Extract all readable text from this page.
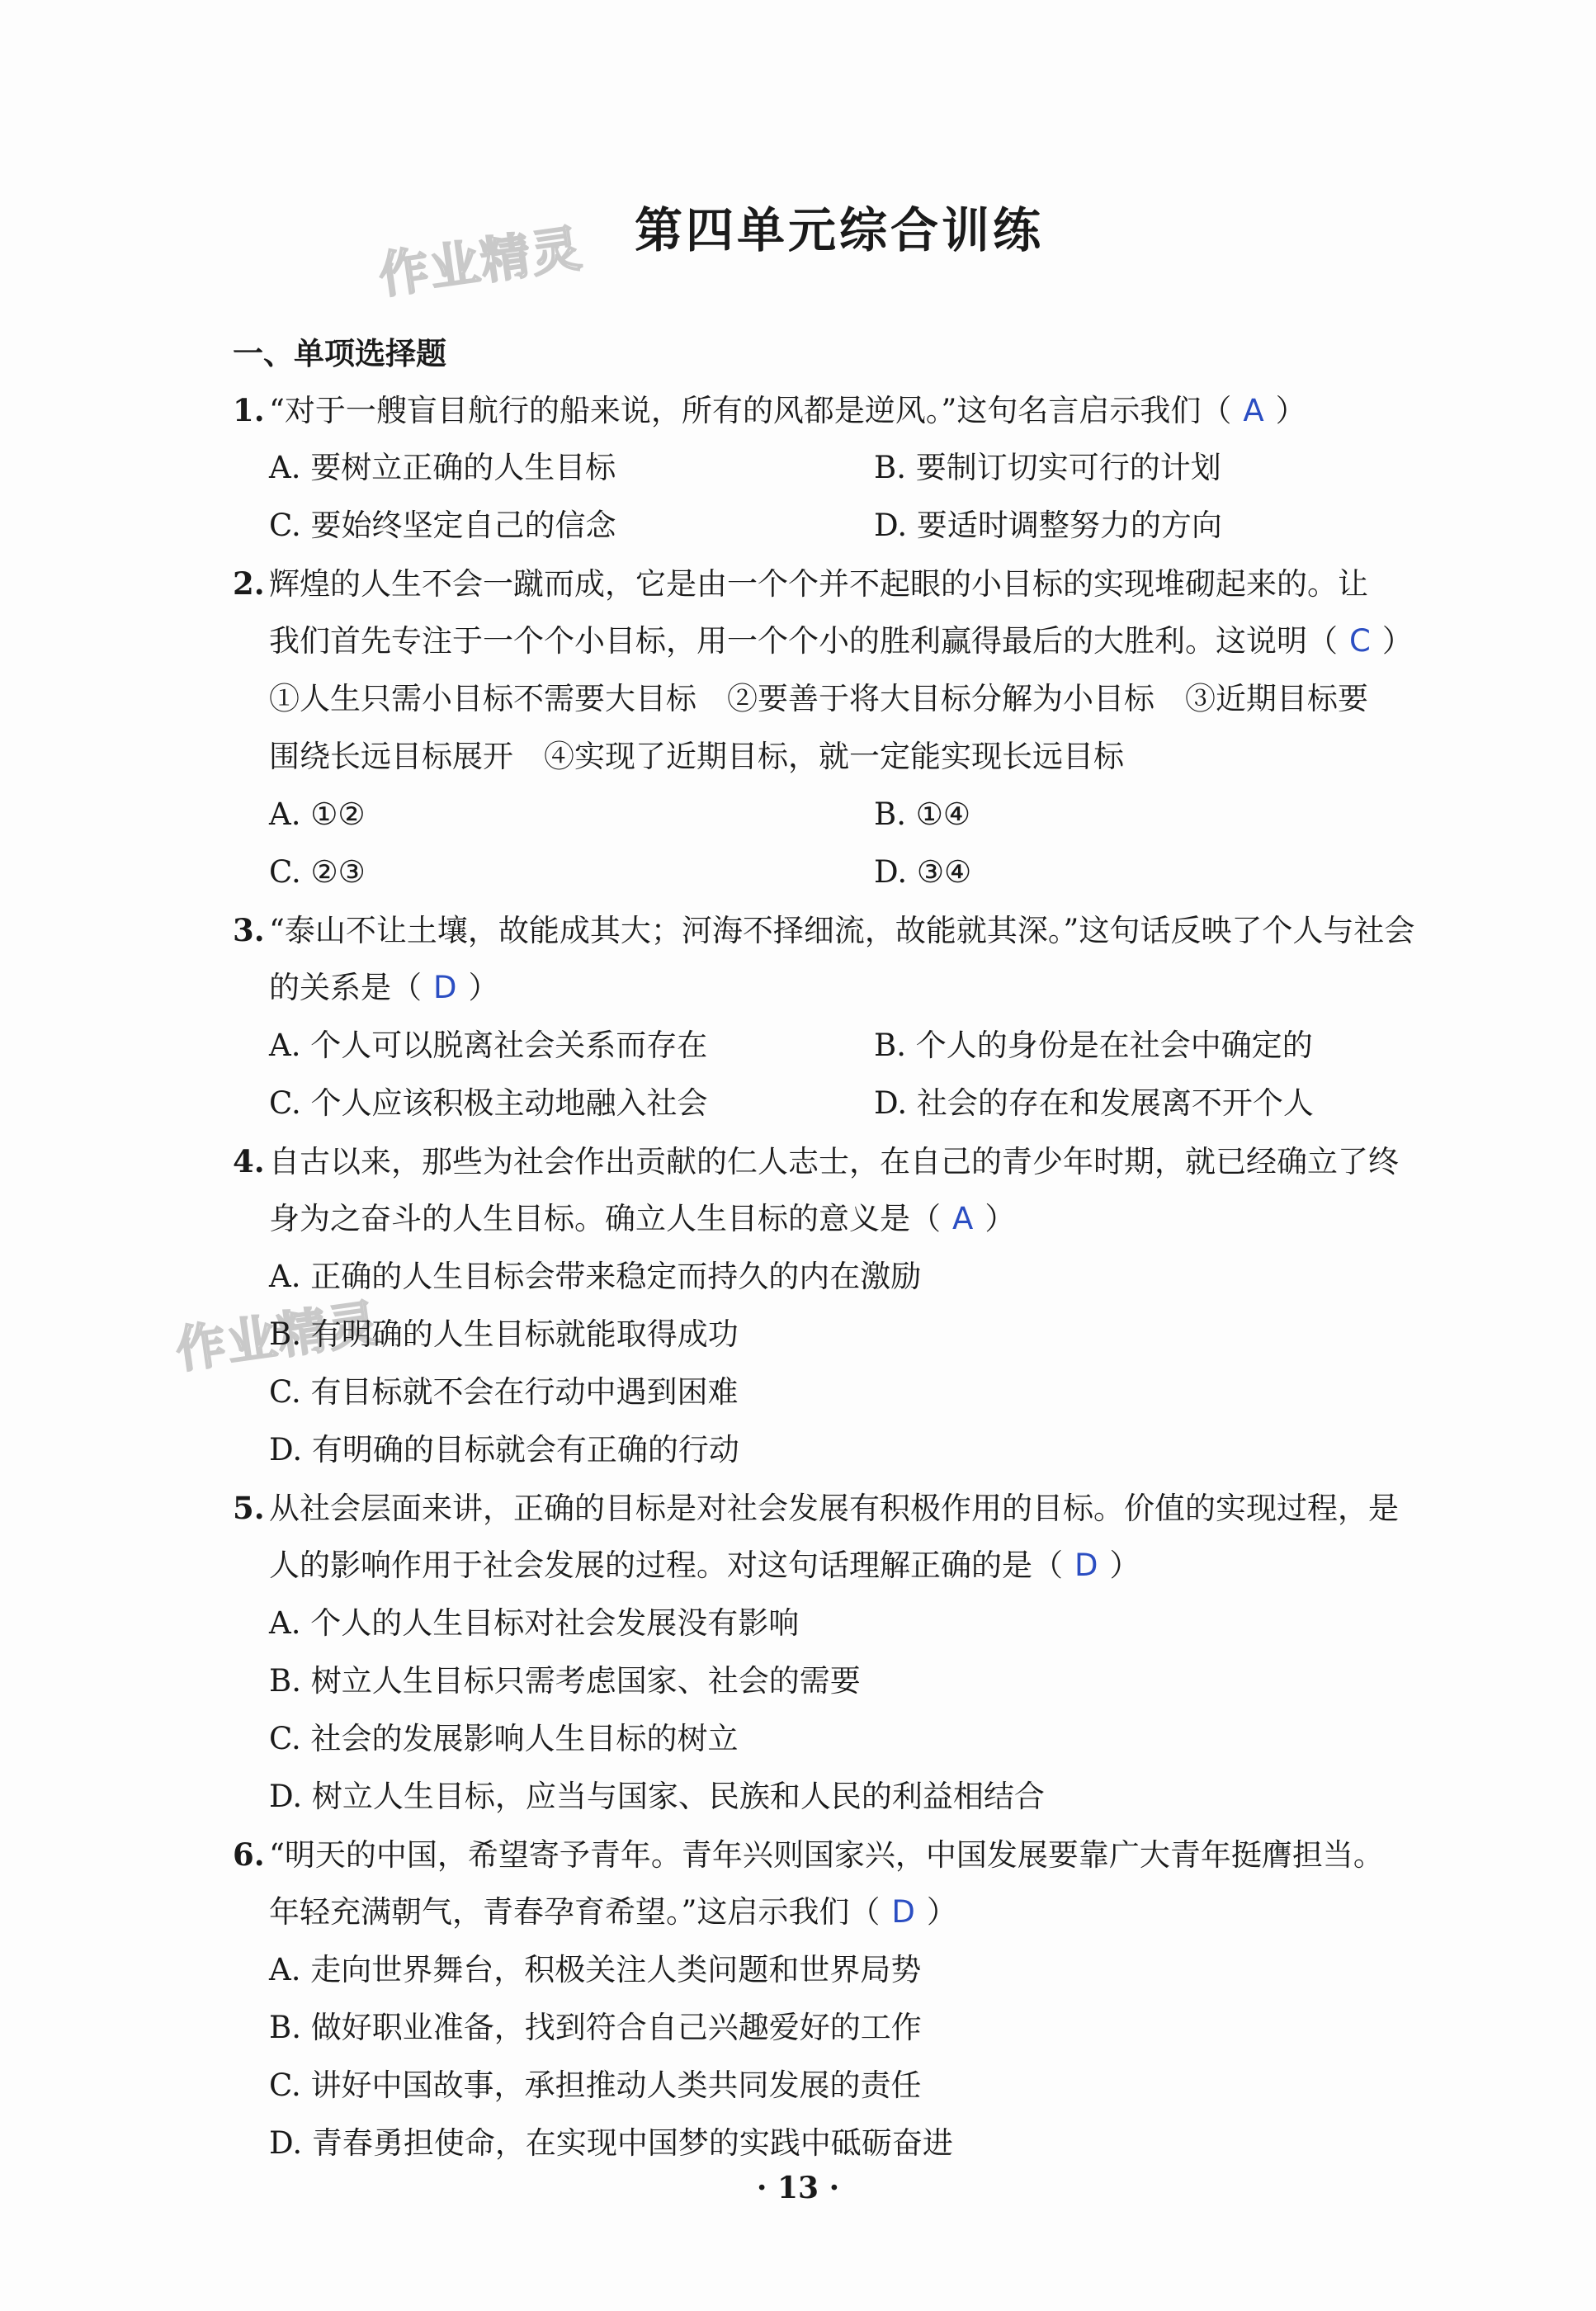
作业精灵
作业精灵
第四单元综合训练
一、单项选择题
1. “对于一艘盲目航行的船来说，所有的风都是逆风。”这句名言启示我们（ A ）
A. 要树立正确的人生目标	B. 要制订切实可行的计划
C. 要始终坚定自己的信念	D. 要适时调整努力的方向
2. 辉煌的人生不会一蹴而成，它是由一个个并不起眼的小目标的实现堆砌起来的。让
我们首先专注于一个个小目标，用一个个小的胜利赢得最后的大胜利。这说明（ C ）
①人生只需小目标不需要大目标　②要善于将大目标分解为小目标　③近期目标要
围绕长远目标展开　④实现了近期目标，就一定能实现长远目标
A. ①②	B. ①④
C. ②③	D. ③④
3. “泰山不让土壤，故能成其大；河海不择细流，故能就其深。”这句话反映了个人与社会
的关系是（ D ）
A. 个人可以脱离社会关系而存在	B. 个人的身份是在社会中确定的
C. 个人应该积极主动地融入社会	D. 社会的存在和发展离不开个人
4. 自古以来，那些为社会作出贡献的仁人志士，在自己的青少年时期，就已经确立了终
身为之奋斗的人生目标。确立人生目标的意义是（ A ）
A. 正确的人生目标会带来稳定而持久的内在激励
B. 有明确的人生目标就能取得成功
C. 有目标就不会在行动中遇到困难
D. 有明确的目标就会有正确的行动
5. 从社会层面来讲，正确的目标是对社会发展有积极作用的目标。价值的实现过程，是
人的影响作用于社会发展的过程。对这句话理解正确的是（ D ）
A. 个人的人生目标对社会发展没有影响
B. 树立人生目标只需考虑国家、社会的需要
C. 社会的发展影响人生目标的树立
D. 树立人生目标，应当与国家、民族和人民的利益相结合
6. “明天的中国，希望寄予青年。青年兴则国家兴，中国发展要靠广大青年挺膺担当。
年轻充满朝气，青春孕育希望。”这启示我们（ D ）
A. 走向世界舞台，积极关注人类问题和世界局势
B. 做好职业准备，找到符合自己兴趣爱好的工作
C. 讲好中国故事，承担推动人类共同发展的责任
D. 青春勇担使命，在实现中国梦的实践中砥砺奋进
· 13 ·
